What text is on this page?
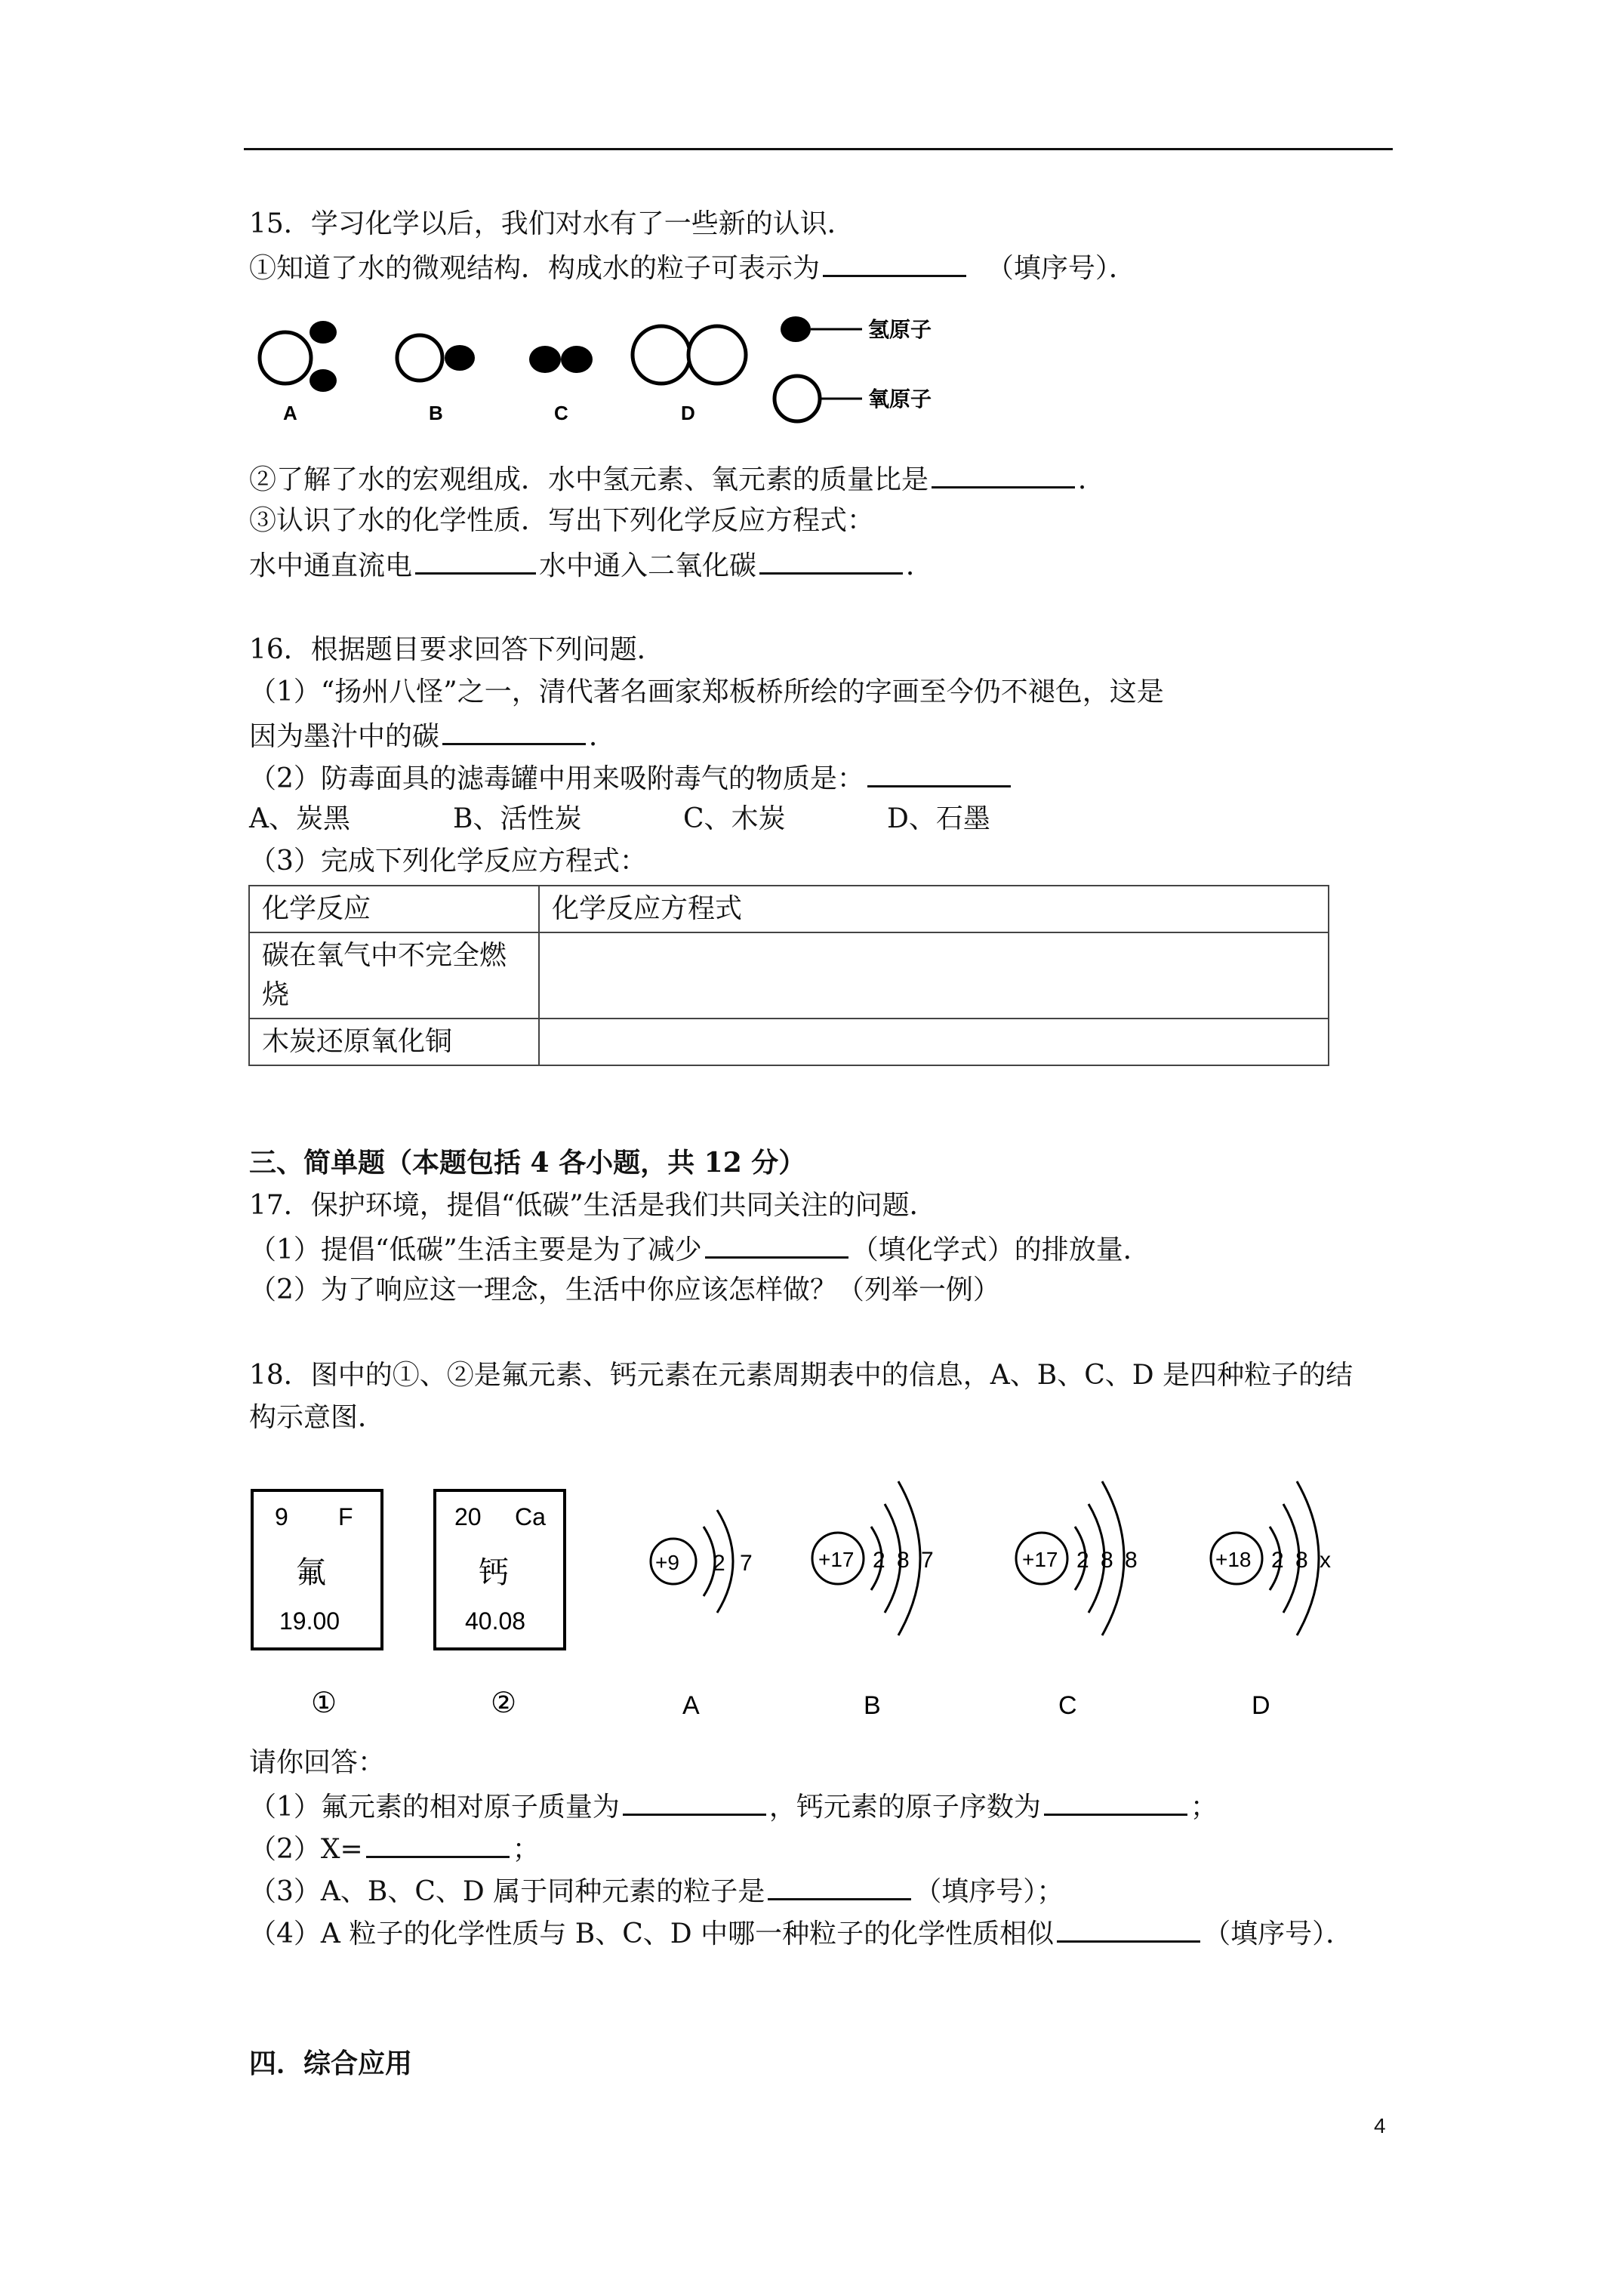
15．学习化学以后，我们对水有了一些新的认识．
①知道了水的微观结构．构成水的粒子可表示为	（填序号）．
A	B	C	D
氢原子
氧原子
②了解了水的宏观组成．水中氢元素、氧元素的质量比是	．
③认识了水的化学性质．写出下列化学反应方程式：
水中通直流电	水中通入二氧化碳	．
16．根据题目要求回答下列问题．
（1）“扬州八怪”之一，清代著名画家郑板桥所绘的字画至今仍不褪色，这是
因为墨汁中的碳	．
（2）防毒面具的滤毒罐中用来吸附毒气的物质是：
A、炭黑	B、活性炭	C、木炭	D、石墨
（3）完成下列化学反应方程式：
化学反应	化学反应方程式
碳在氧气中不完全燃烧	
木炭还原氧化铜	
三、简单题（本题包括 4 各小题，共 12 分）
17．保护环境，提倡“低碳”生活是我们共同关注的问题．
（1）提倡“低碳”生活主要是为了减少	（填化学式）的排放量．
（2）为了响应这一理念，生活中你应该怎样做？（列举一例）
18．图中的①、②是氟元素、钙元素在元素周期表中的信息，A、B、C、D 是四种粒子的结
构示意图．
9 F
氟
19.00
①
20 Ca
钙
40.08
②
+9 2 7
A
+17 2 8 7
B
+17 2 8 8
C
+18 2 8 x
D
请你回答：
（1）氟元素的相对原子质量为	，钙元素的原子序数为	；
（2）X=	；
（3）A、B、C、D 属于同种元素的粒子是	（填序号）；
（4）A 粒子的化学性质与 B、C、D 中哪一种粒子的化学性质相似	（填序号）．
四．综合应用
4
